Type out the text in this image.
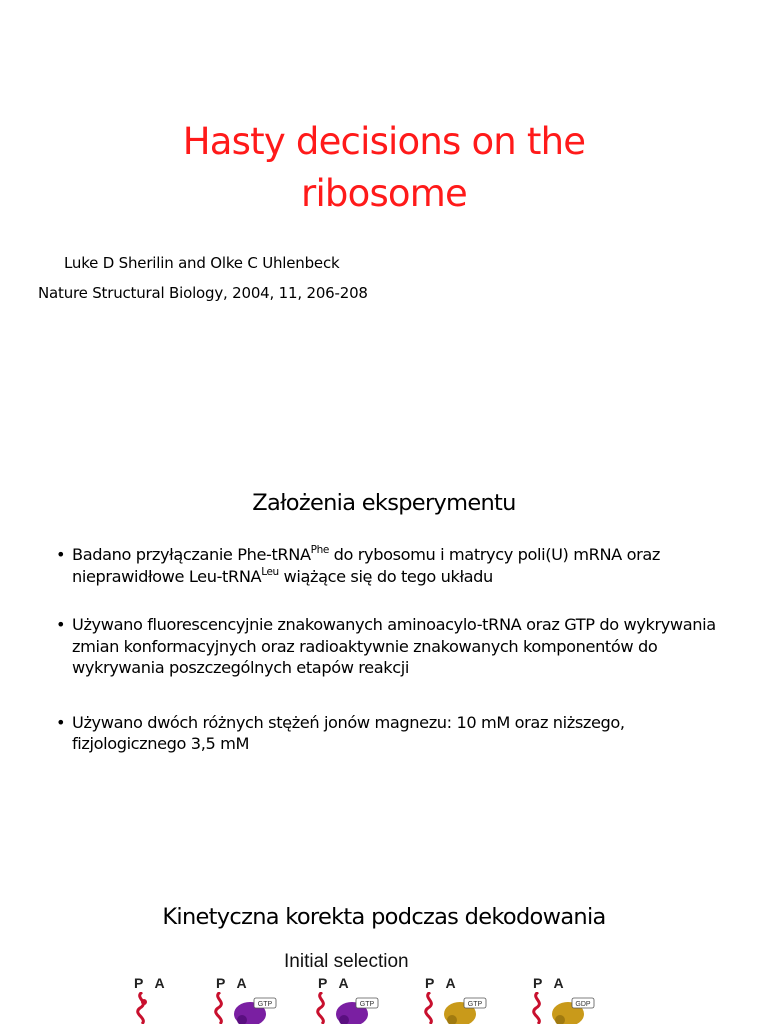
Hasty decisions on the
ribosome
Luke D Sherilin and Olke C Uhlenbeck
Nature Structural Biology, 2004, 11, 206-208
Założenia eksperymentu
• Badano przyłączanie Phe-tRNA$^{Phe}$ do rybosomu i matrycy poli(U) mRNA oraz nieprawidłowe Leu-tRNA$^{Leu}$ wiążące się do tego układu
• Używano fluorescencyjnie znakowanych aminoacylo-tRNA oraz GTP do wykrywania zmian konformacyjnych oraz radioaktywnie znakowanych komponentów do wykrywania poszczególnych etapów reakcji
• Używano dwóch różnych stężeń jonów magnezu: 10 mM oraz niższego, fizjologicznego 3,5 mM
Kinetyczna korekta podczas dekodowania
Initial selection
P A	P A	P A	P A	P A
GTP	GTP	GTP	GDP
